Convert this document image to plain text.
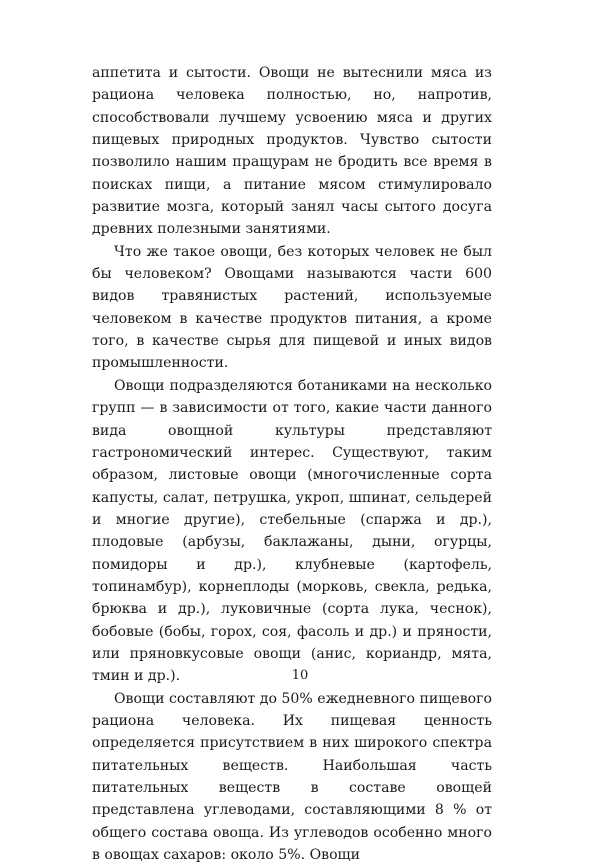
аппетита и сытости. Овощи не вытеснили мяса из рациона человека полностью, но, напротив, способствовали лучшему усвоению мяса и других пищевых природных продуктов. Чувство сытости позволило нашим пращурам не бродить все время в поисках пищи, а питание мясом стимулировало развитие мозга, который занял часы сытого досуга древних полезными занятиями.

Что же такое овощи, без которых человек не был бы человеком? Овощами называются части 600 видов травянистых растений, используемые человеком в качестве продуктов питания, а кроме того, в качестве сырья для пищевой и иных видов промышленности.

Овощи подразделяются ботаниками на несколько групп — в зависимости от того, какие части данного вида овощной культуры представляют гастрономический интерес. Существуют, таким образом, листовые овощи (многочисленные сорта капусты, салат, петрушка, укроп, шпинат, сельдерей и многие другие), стебельные (спаржа и др.), плодовые (арбузы, баклажаны, дыни, огурцы, помидоры и др.), клубневые (картофель, топинамбур), корнеплоды (морковь, свекла, редька, брюква и др.), луковичные (сорта лука, чеснок), бобовые (бобы, горох, соя, фасоль и др.) и пряности, или пряновкусовые овощи (анис, кориандр, мята, тмин и др.).

Овощи составляют до 50% ежедневного пищевого рациона человека. Их пищевая ценность определяется присутствием в них широкого спектра питательных веществ. Наибольшая часть питательных веществ в составе овощей представлена углеводами, составляющими 8 % от общего состава овоща. Из углеводов особенно много в овощах сахаров: около 5%. Овощи

10
